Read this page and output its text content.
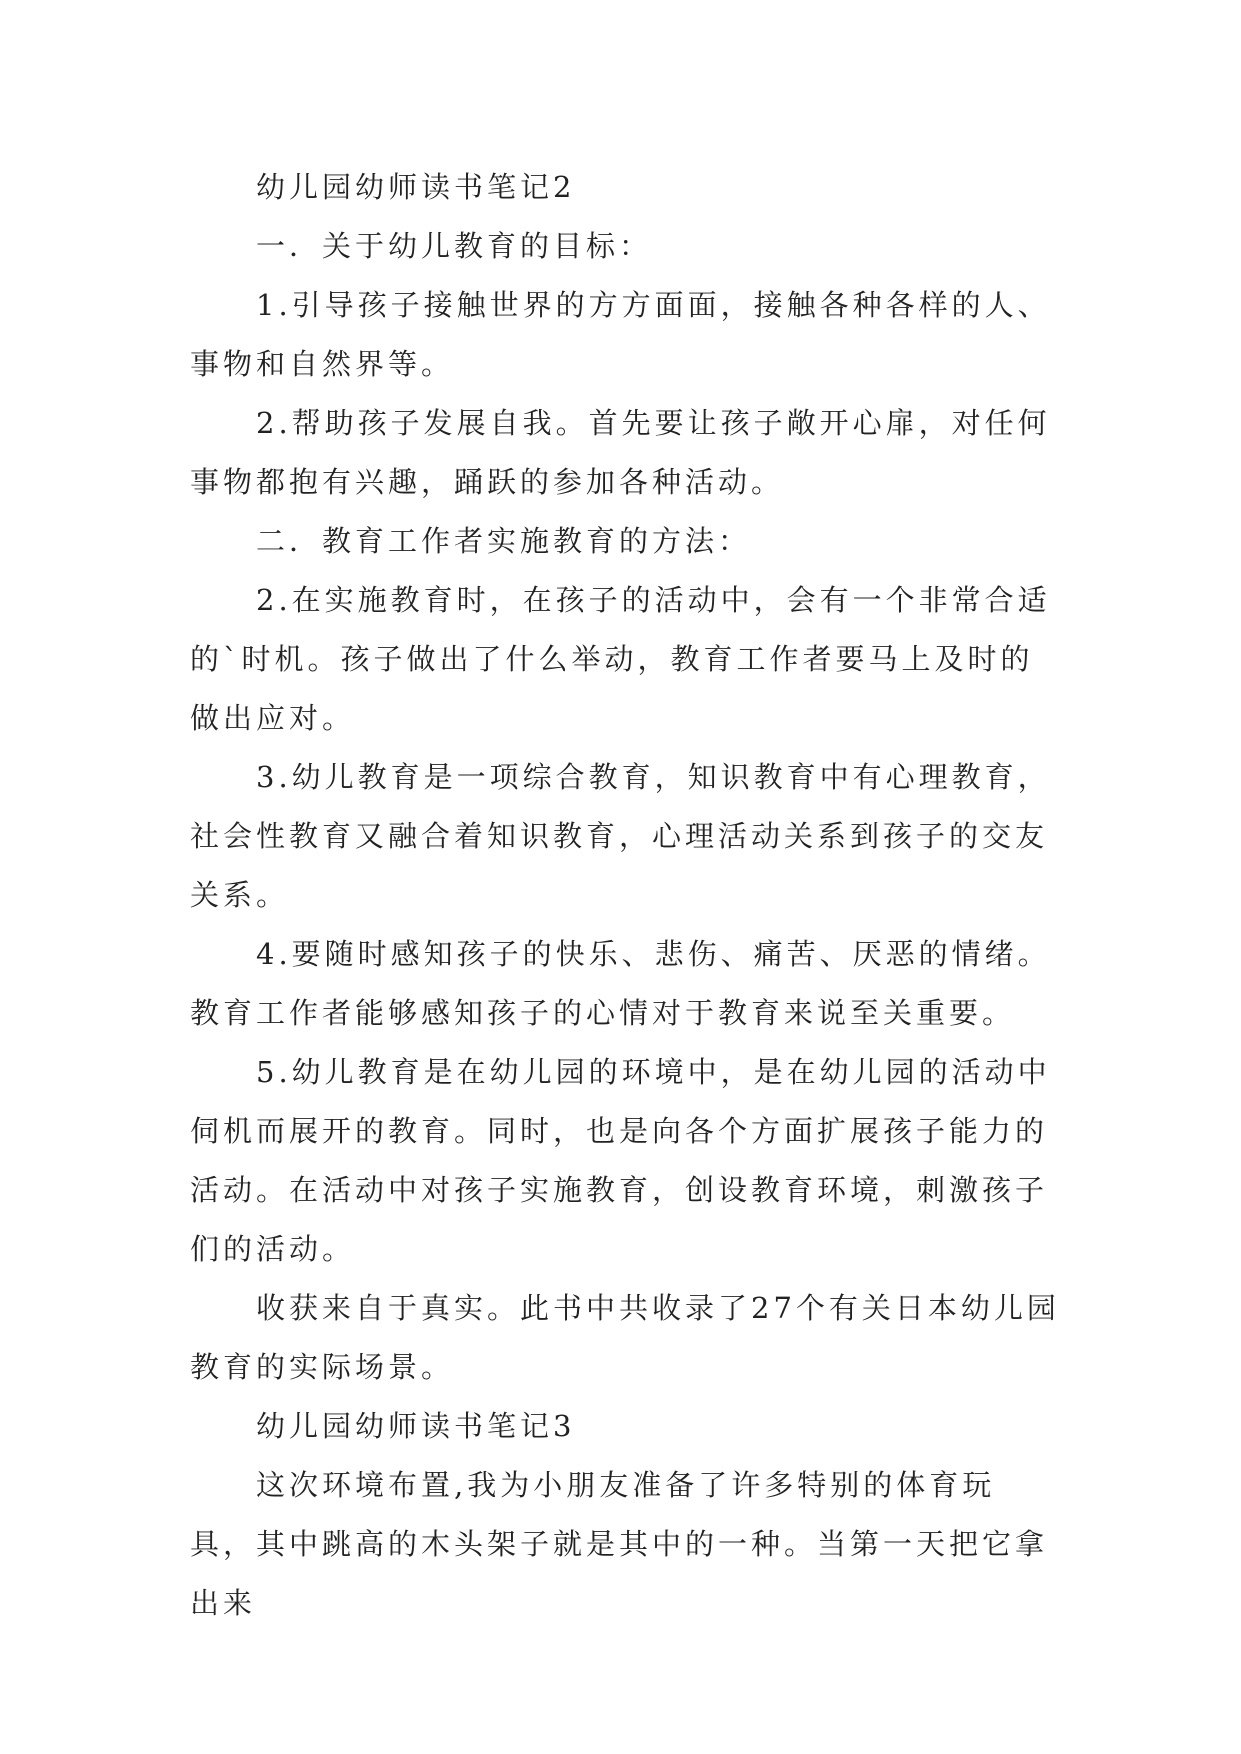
幼儿园幼师读书笔记2

一．关于幼儿教育的目标：

1.引导孩子接触世界的方方面面，接触各种各样的人、事物和自然界等。

2.帮助孩子发展自我。首先要让孩子敞开心扉，对任何事物都抱有兴趣，踊跃的参加各种活动。

二．教育工作者实施教育的方法：

2.在实施教育时，在孩子的活动中，会有一个非常合适的`时机。孩子做出了什么举动，教育工作者要马上及时的做出应对。

3.幼儿教育是一项综合教育，知识教育中有心理教育，社会性教育又融合着知识教育，心理活动关系到孩子的交友关系。

4.要随时感知孩子的快乐、悲伤、痛苦、厌恶的情绪。教育工作者能够感知孩子的心情对于教育来说至关重要。

5.幼儿教育是在幼儿园的环境中，是在幼儿园的活动中伺机而展开的教育。同时，也是向各个方面扩展孩子能力的活动。在活动中对孩子实施教育，创设教育环境，刺激孩子们的活动。

收获来自于真实。此书中共收录了27个有关日本幼儿园教育的实际场景。

幼儿园幼师读书笔记3

这次环境布置,我为小朋友准备了许多特别的体育玩具，其中跳高的木头架子就是其中的一种。当第一天把它拿出来
